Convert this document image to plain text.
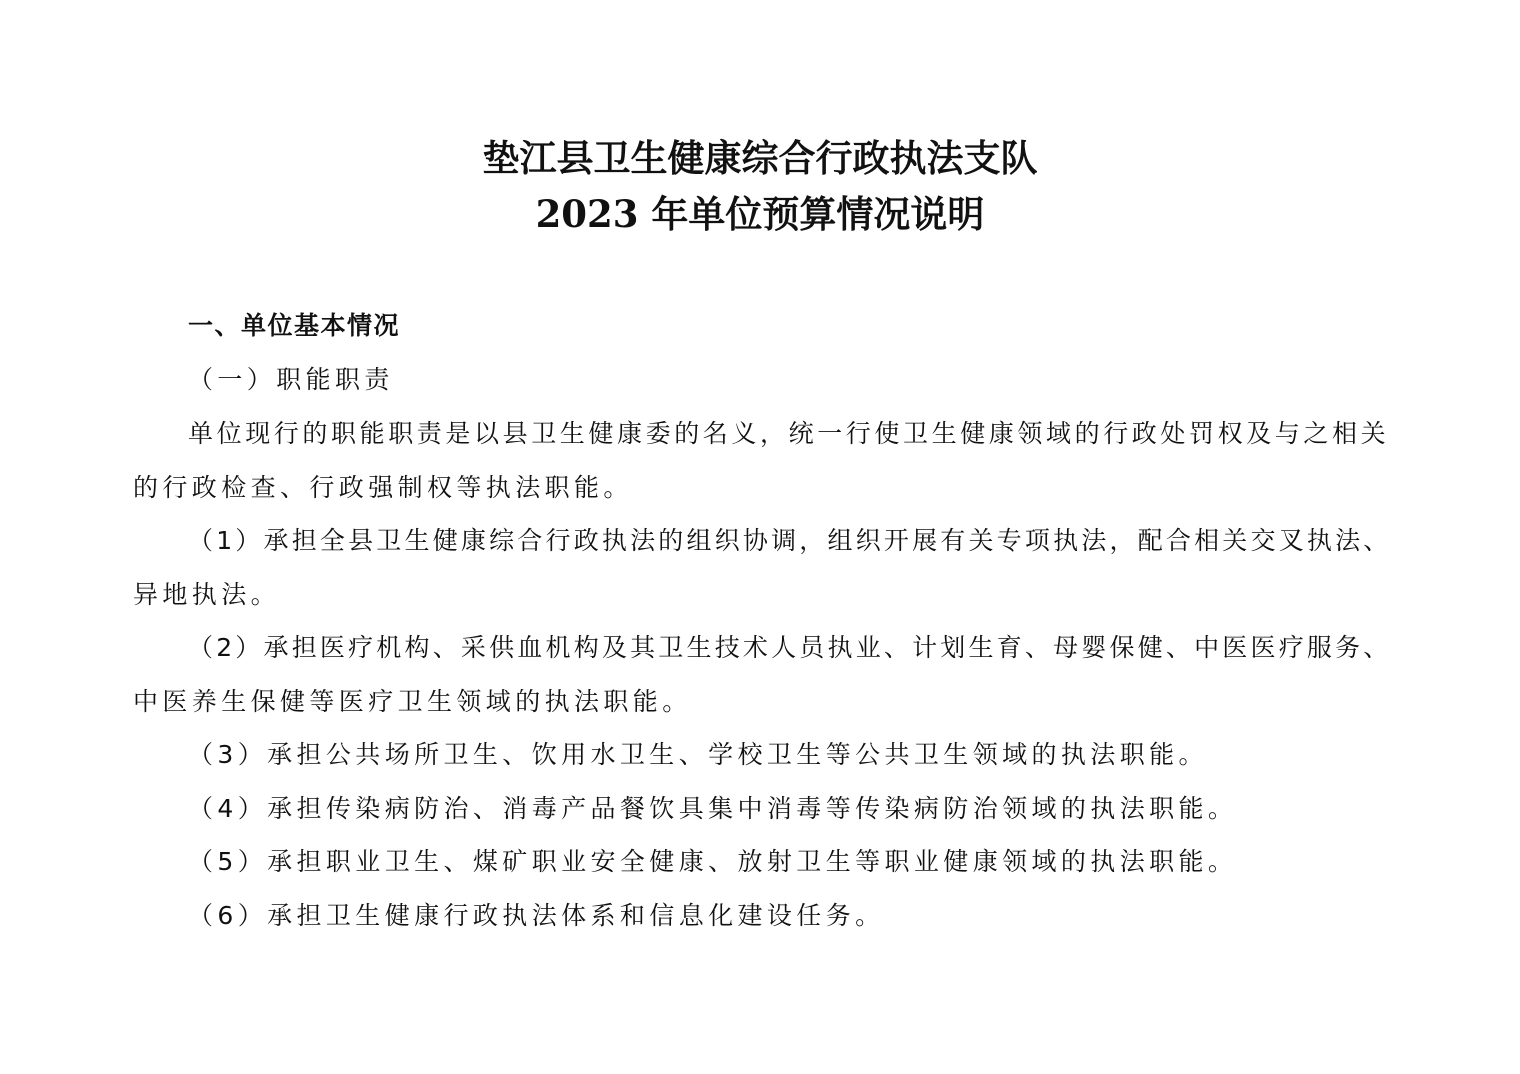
垫江县卫生健康综合行政执法支队
2023 年单位预算情况说明

一、单位基本情况

（一）职能职责

单位现行的职能职责是以县卫生健康委的名义，统一行使卫生健康领域的行政处罚权及与之相关

的行政检查、行政强制权等执法职能。

（1）承担全县卫生健康综合行政执法的组织协调，组织开展有关专项执法，配合相关交叉执法、

异地执法。

（2）承担医疗机构、采供血机构及其卫生技术人员执业、计划生育、母婴保健、中医医疗服务、

中医养生保健等医疗卫生领域的执法职能。

（3）承担公共场所卫生、饮用水卫生、学校卫生等公共卫生领域的执法职能。

（4）承担传染病防治、消毒产品餐饮具集中消毒等传染病防治领域的执法职能。

（5）承担职业卫生、煤矿职业安全健康、放射卫生等职业健康领域的执法职能。

（6）承担卫生健康行政执法体系和信息化建设任务。
